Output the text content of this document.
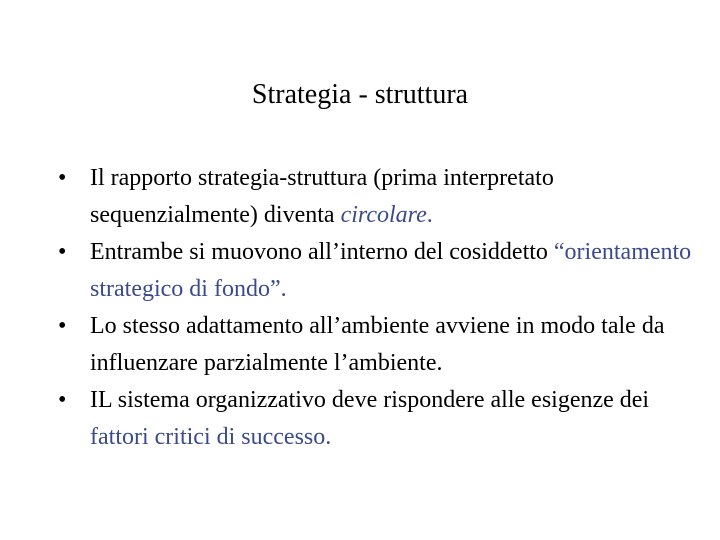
Strategia - struttura
• Il rapporto strategia-struttura (prima interpretato sequenzialmente) diventa circolare.
• Entrambe si muovono all’interno del cosiddetto “orientamento strategico di fondo”.
• Lo stesso adattamento all’ambiente avviene in modo tale da influenzare parzialmente l’ambiente.
• IL sistema organizzativo deve rispondere alle esigenze dei fattori critici di successo.
